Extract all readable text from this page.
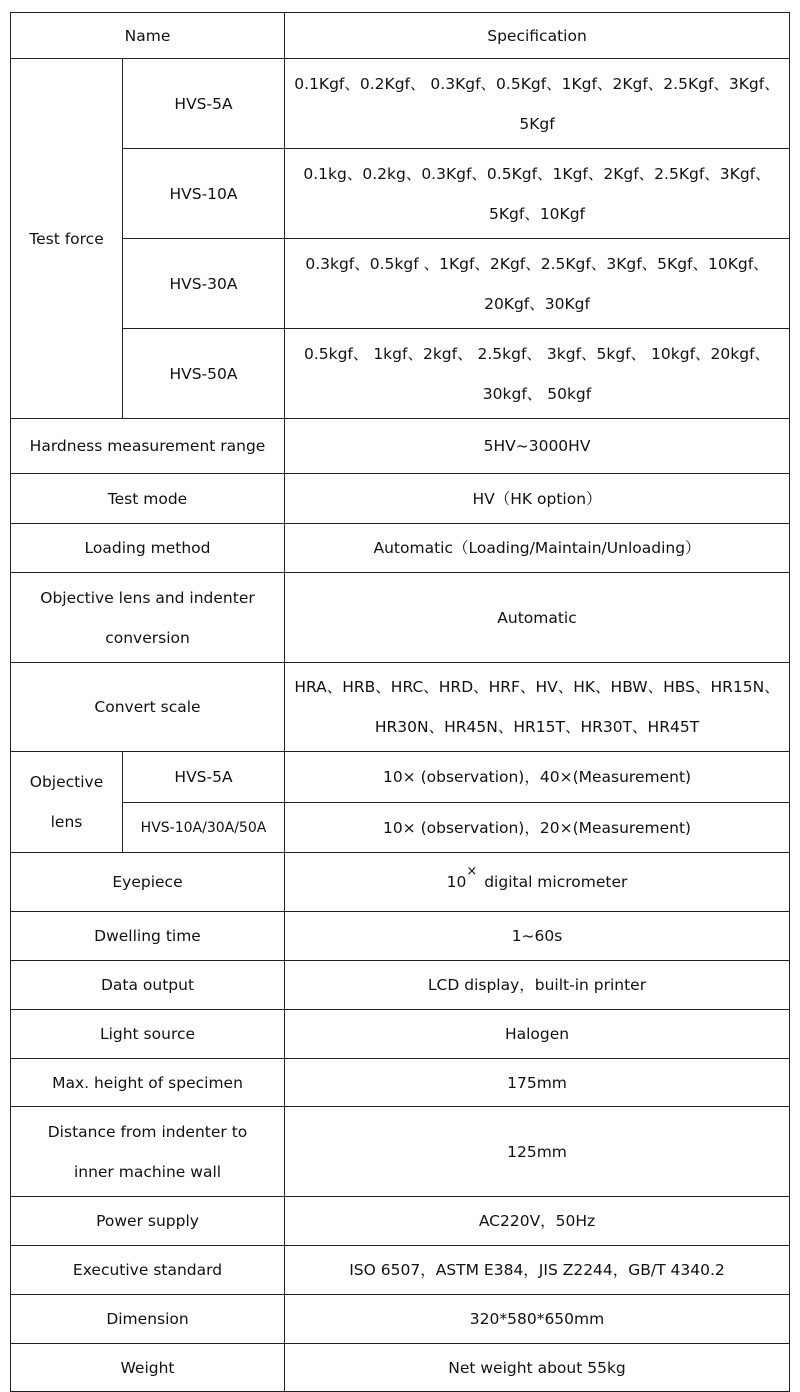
Name		Specification
Test force	HVS-5A	0.1Kgf、0.2Kgf、 0.3Kgf、0.5Kgf、1Kgf、2Kgf、2.5Kgf、3Kgf、5Kgf
	HVS-10A	0.1kg、0.2kg、0.3Kgf、0.5Kgf、1Kgf、2Kgf、2.5Kgf、3Kgf、5Kgf、10Kgf
	HVS-30A	0.3kgf、0.5kgf 、1Kgf、2Kgf、2.5Kgf、3Kgf、5Kgf、10Kgf、20Kgf、30Kgf
	HVS-50A	0.5kgf、 1kgf、2kgf、 2.5kgf、 3kgf、5kgf、 10kgf、20kgf、30kgf、 50kgf
Hardness measurement range		5HV~3000HV
Test mode		HV（HK option）
Loading method		Automatic（Loading/Maintain/Unloading）
Objective lens and indenter conversion		Automatic
Convert scale		HRA、HRB、HRC、HRD、HRF、HV、HK、HBW、HBS、HR15N、HR30N、HR45N、HR15T、HR30T、HR45T
Objective lens	HVS-5A	10× (observation)，40×(Measurement)
	HVS-10A/30A/50A	10× (observation)，20×(Measurement)
Eyepiece		10× digital micrometer
Dwelling time		1~60s
Data output		LCD display，built-in printer
Light source		Halogen
Max. height of specimen		175mm
Distance from indenter to inner machine wall		125mm
Power supply		AC220V，50Hz
Executive standard		ISO 6507，ASTM E384，JIS Z2244，GB/T 4340.2
Dimension		320*580*650mm
Weight		Net weight about 55kg
